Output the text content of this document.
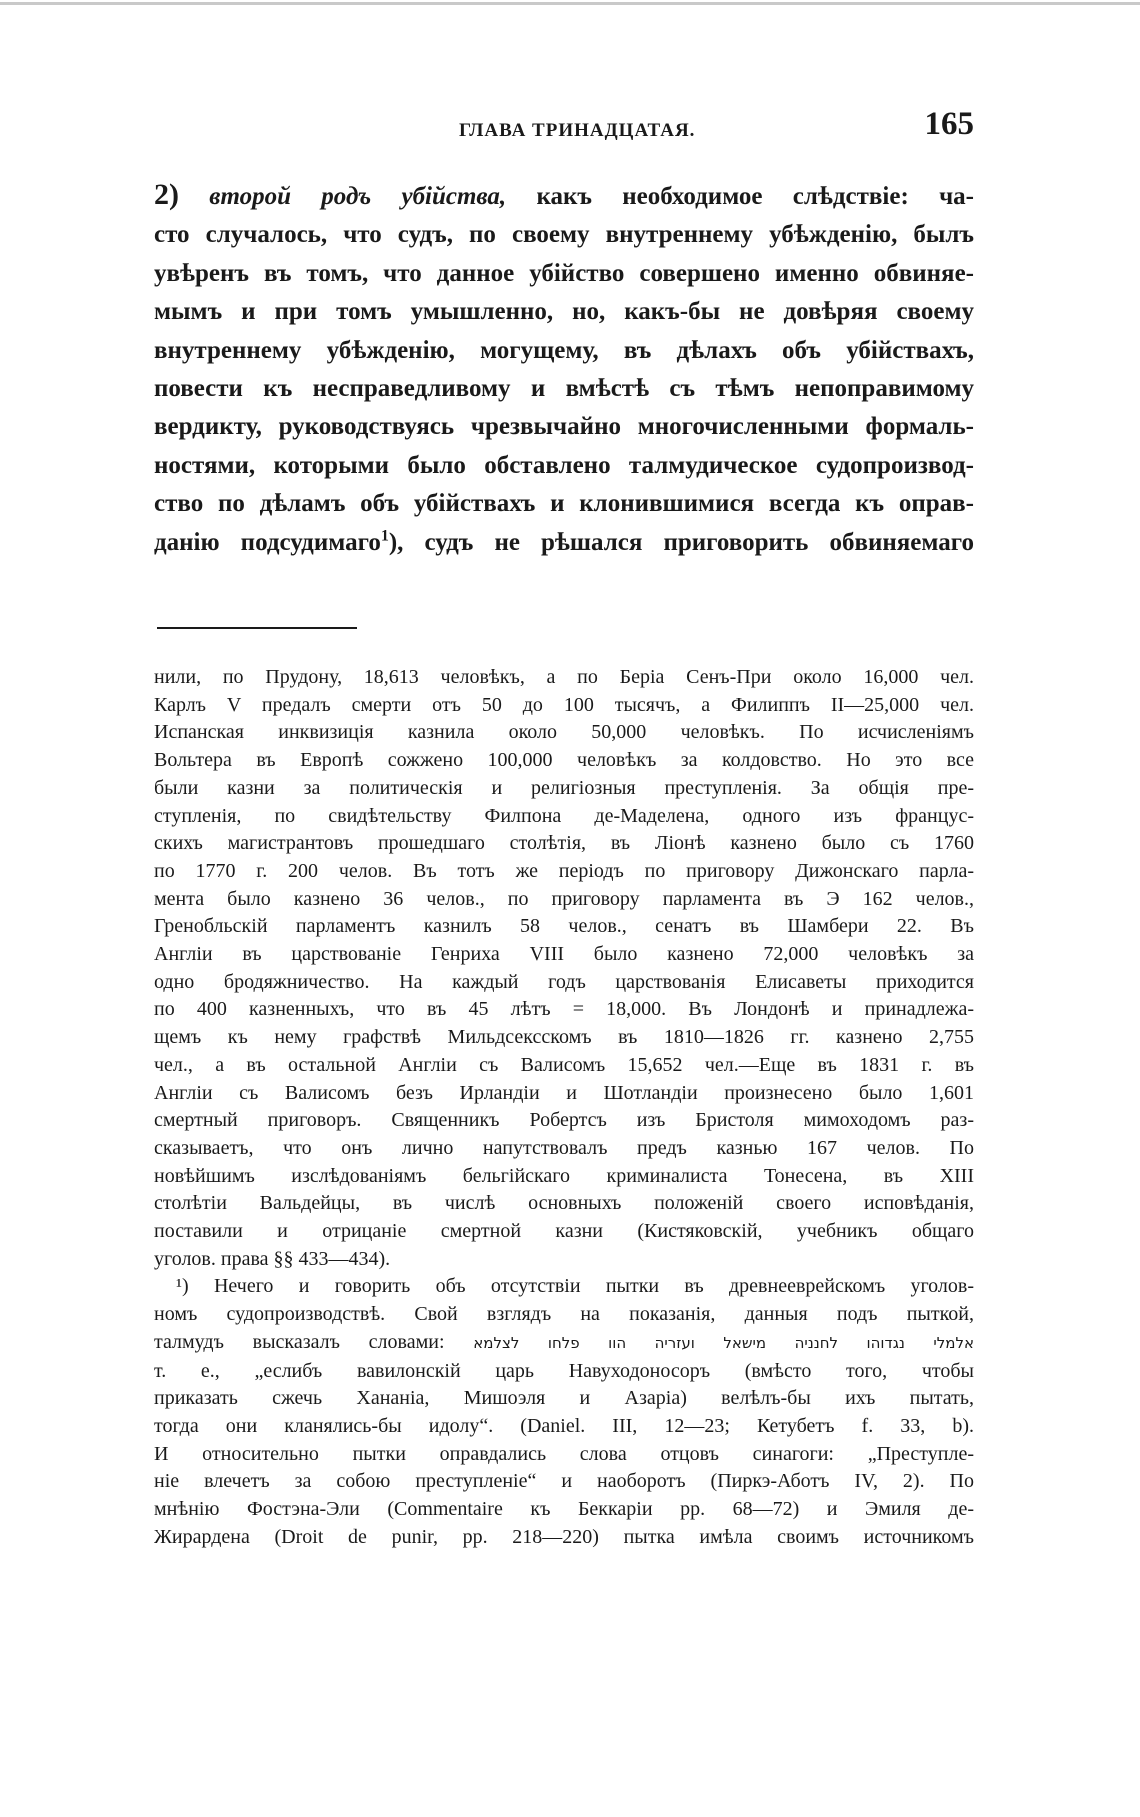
ГЛАВА ТРИНАДЦАТАЯ.	165
2) второй родъ убійства, какъ необходимое слѣдствіе: ча-
сто случалось, что судъ, по своему внутреннему убѣжденію, былъ
увѣренъ въ томъ, что данное убійство совершено именно обвиняе-
мымъ и при томъ умышленно, но, какъ-бы не довѣряя своему
внутреннему убѣжденію, могущему, въ дѣлахъ объ убійствахъ,
повести къ несправедливому и вмѣстѣ съ тѣмъ непоправимому
вердикту, руководствуясь чрезвычайно многочисленными формаль-
ностями, которыми было обставлено талмудическое судопроизвод-
ство по дѣламъ объ убійствахъ и клонившимися всегда къ оправ-
данію подсудимаго$^1$), судъ не рѣшался приговорить обвиняемаго
нили, по Прудону, 18,613 человѣкъ, а по Беріа Сенъ-При около 16,000 чел.
Карлъ V предалъ смерти отъ 50 до 100 тысячъ, а Филиппъ II—25,000 чел.
Испанская инквизиція казнила около 50,000 человѣкъ. По исчисленіямъ
Вольтера въ Европѣ сожжено 100,000 человѣкъ за колдовство. Но это все
были казни за политическія и религіозныя преступленія. За общія пре-
ступленія, по свидѣтельству Филпона де-Маделена, одного изъ францус-
скихъ магистрантовъ прошедшаго столѣтія, въ Ліонѣ казнено было съ 1760
по 1770 г. 200 челов. Въ тотъ же періодъ по приговору Дижонскаго парла-
мента было казнено 36 челов., по приговору парламента въ Э 162 челов.,
Гренобльскій парламентъ казнилъ 58 челов., сенатъ въ Шамбери 22. Въ
Англіи въ царствованіе Генриха VIII было казнено 72,000 человѣкъ за
одно бродяжничество. На каждый годъ царствованія Елисаветы приходится
по 400 казненныхъ, что въ 45 лѣтъ = 18,000. Въ Лондонѣ и принадлежа-
щемъ къ нему графствѣ Мильдсексскомъ въ 1810—1826 гг. казнено 2,755
чел., а въ остальной Англіи съ Валисомъ 15,652 чел.—Еще въ 1831 г. въ
Англіи съ Валисомъ безъ Ирландіи и Шотландіи произнесено было 1,601
смертный приговоръ. Священникъ Робертсъ изъ Бристоля мимоходомъ раз-
сказываетъ, что онъ лично напутствовалъ предъ казнью 167 челов. По
новѣйшимъ изслѣдованіямъ бельгійскаго криминалиста Тонесена, въ XIII
столѣтіи Вальдейцы, въ числѣ основныхъ положеній своего исповѣданія,
поставили и отрицаніе смертной казни (Кистяковскій, учебникъ общаго
уголов. права §§ 433—434).
¹) Нечего и говорить объ отсутствіи пытки въ древнееврейскомъ уголов-
номъ судопроизводствѣ. Свой взглядъ на показанія, данныя подъ пыткой,
талмудъ высказалъ словами: אלמלי נגדוהו לחנניה מישאל ועזריה הוו פלחו לצלמא
т. е., „еслибъ вавилонскій царь Навуходоносоръ (вмѣсто того, чтобы
приказать сжечь Хананіа, Мишоэля и Азаріа) велѣлъ-бы ихъ пытать,
тогда они кланялись-бы идолу“. (Daniel. III, 12—23; Кетубетъ f. 33, b).
И относительно пытки оправдались слова отцовъ синагоги: „Преступле-
ніе влечетъ за собою преступленіе“ и наоборотъ (Пиркэ-Аботъ IV, 2). По
мнѣнію Фостэна-Эли (Commentaire къ Беккаріи pp. 68—72) и Эмиля де-
Жирардена (Droit de punir, pp. 218—220) пытка имѣла своимъ источникомъ
